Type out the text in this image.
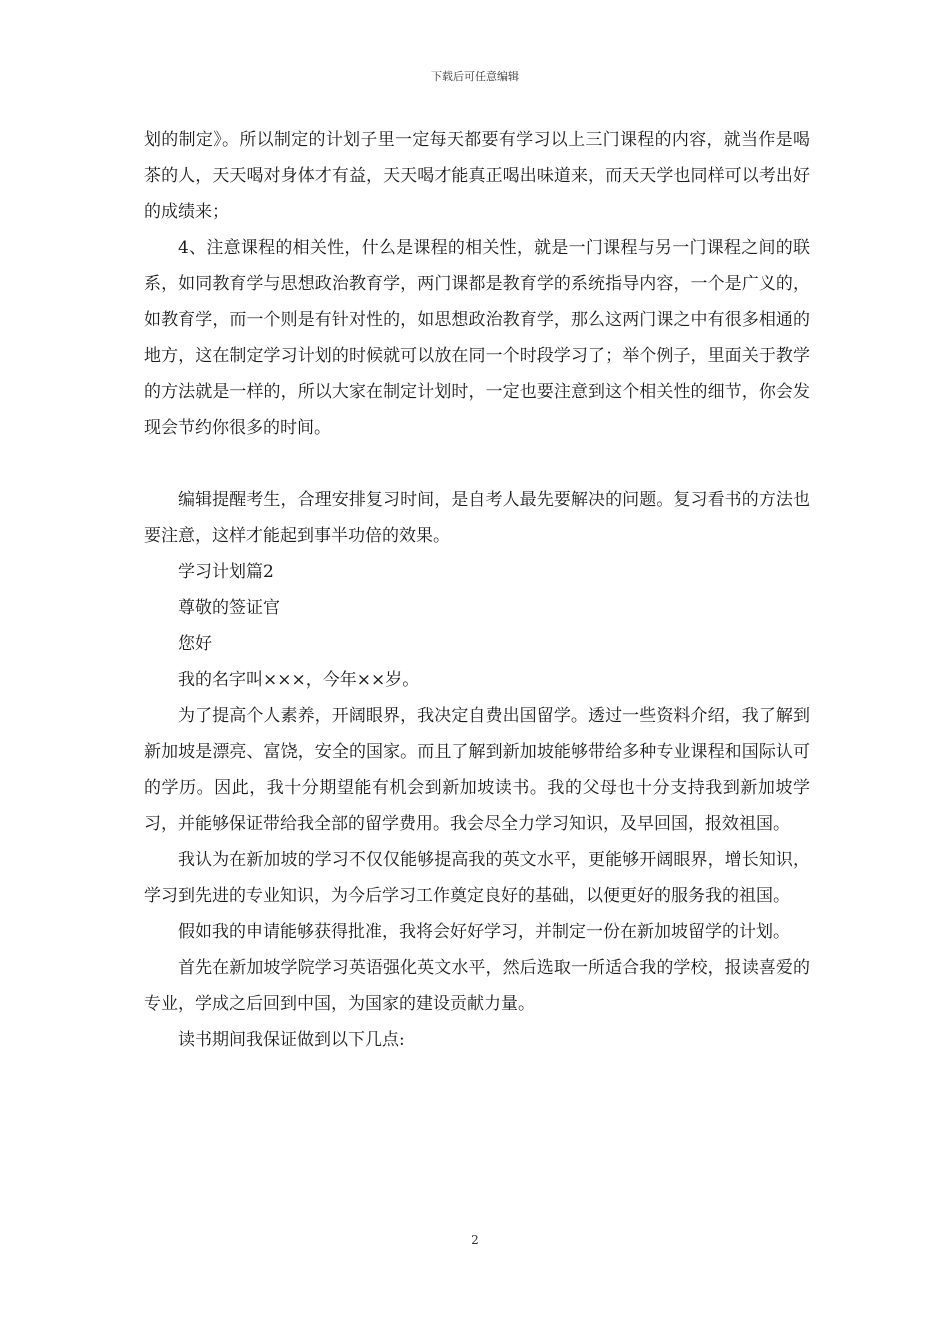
下载后可任意编辑

划的制定》。所以制定的计划子里一定每天都要有学习以上三门课程的内容，就当作是喝茶的人，天天喝对身体才有益，天天喝才能真正喝出味道来，而天天学也同样可以考出好的成绩来；

4、注意课程的相关性，什么是课程的相关性，就是一门课程与另一门课程之间的联系，如同教育学与思想政治教育学，两门课都是教育学的系统指导内容，一个是广义的，如教育学，而一个则是有针对性的，如思想政治教育学，那么这两门课之中有很多相通的地方，这在制定学习计划的时候就可以放在同一个时段学习了；举个例子，里面关于教学的方法就是一样的，所以大家在制定计划时，一定也要注意到这个相关性的细节，你会发现会节约你很多的时间。

编辑提醒考生，合理安排复习时间，是自考人最先要解决的问题。复习看书的方法也要注意，这样才能起到事半功倍的效果。

学习计划篇2

尊敬的签证官

您好

我的名字叫×××，今年××岁。

为了提高个人素养，开阔眼界，我决定自费出国留学。透过一些资料介绍，我了解到新加坡是漂亮、富饶，安全的国家。而且了解到新加坡能够带给多种专业课程和国际认可的学历。因此，我十分期望能有机会到新加坡读书。我的父母也十分支持我到新加坡学习，并能够保证带给我全部的留学费用。我会尽全力学习知识，及早回国，报效祖国。

我认为在新加坡的学习不仅仅能够提高我的英文水平，更能够开阔眼界，增长知识，学习到先进的专业知识，为今后学习工作奠定良好的基础，以便更好的服务我的祖国。

假如我的申请能够获得批准，我将会好好学习，并制定一份在新加坡留学的计划。

首先在新加坡学院学习英语强化英文水平，然后选取一所适合我的学校，报读喜爱的专业，学成之后回到中国，为国家的建设贡献力量。

读书期间我保证做到以下几点:

2
